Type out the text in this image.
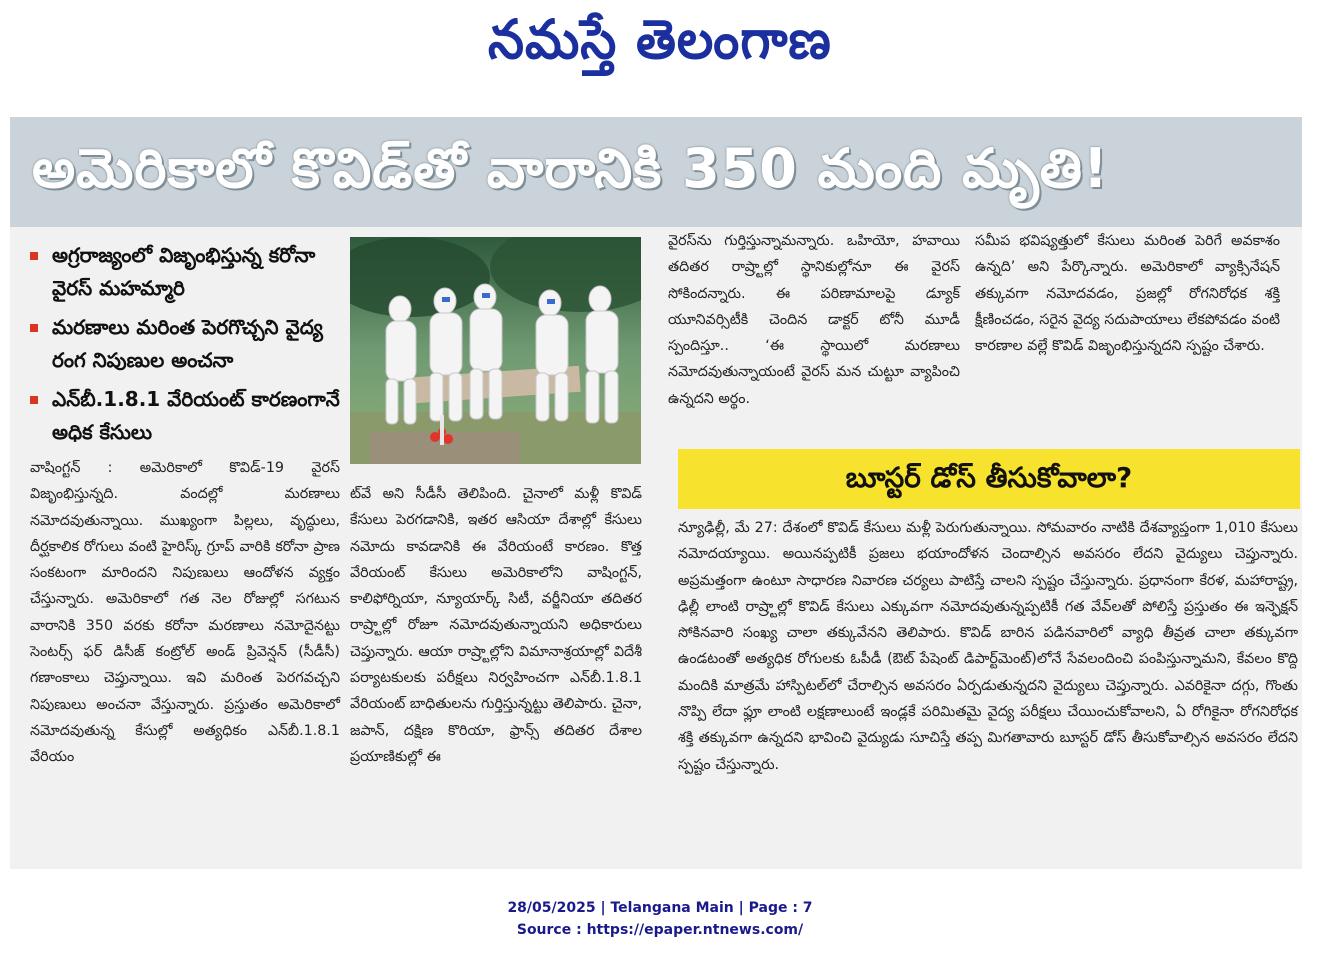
నమస్తే తెలంగాణ
అమెరికాలో కొవిడ్‌తో వారానికి 350 మంది మృతి!
అగ్రరాజ్యంలో విజృంభిస్తున్న కరోనా వైరస్‌ మహమ్మారి
మరణాలు మరింత పెరగొచ్చని వైద్య రంగ నిపుణుల అంచనా
ఎన్‌బీ.1.8.1 వేరియంట్‌ కారణంగానే అధిక కేసులు
వాషింగ్టన్‌ : అమెరికాలో కొవిడ్‌-19 వైరస్‌ విజృంభిస్తున్నది. వందల్లో మరణాలు నమోదవుతున్నాయి. ముఖ్యంగా పిల్లలు, వృద్ధులు, దీర్ఘకాలిక రోగులు వంటి హైరిస్క్‌ గ్రూప్‌ వారికి కరోనా ప్రాణ సంకటంగా మారిందని నిపుణులు ఆందోళన వ్యక్తం చేస్తున్నారు. అమెరికాలో గత నెల రోజుల్లో సగటున వారానికి 350 వరకు కరోనా మరణాలు నమోదైనట్టు సెంటర్స్‌ ఫర్‌ డిసీజ్‌ కంట్రోల్‌ అండ్‌ ప్రివెన్షన్‌ (సీడీసీ) గణాంకాలు చెప్తున్నాయి. ఇవి మరింత పెరగవచ్చని నిపుణులు అంచనా వేస్తున్నారు. ప్రస్తుతం అమెరికాలో నమోదవుతున్న కేసుల్లో అత్యధికం ఎన్‌బీ.1.8.1 వేరియం
ట్‌వే అని సీడీసీ తెలిపింది. చైనాలో మళ్లీ కొవిడ్‌ కేసులు పెరగడానికి, ఇతర ఆసియా దేశాల్లో కేసులు నమోదు కావడానికి ఈ వేరియంటే కారణం. కొత్త వేరియంట్‌ కేసులు అమెరికాలోని వాషింగ్టన్‌, కాలిఫోర్నియా, న్యూయార్క్‌ సిటీ, వర్జీనియా తదితర రాష్ర్టాల్లో రోజూ నమోదవుతున్నాయని అధికారులు చెప్తున్నారు. ఆయా రాష్ర్టాల్లోని విమానాశ్రయాల్లో విదేశీ పర్యాటకులకు పరీక్షలు నిర్వహించగా ఎన్‌బీ.1.8.1 వేరియంట్‌ బాధితులను గుర్తిస్తున్నట్టు తెలిపారు. చైనా, జపాన్‌, దక్షిణ కొరియా, ఫ్రాన్స్‌ తదితర దేశాల ప్రయాణికుల్లో ఈ
వైరస్‌ను గుర్తిస్తున్నామన్నారు. ఒహియో, హవాయి తదితర రాష్ర్టాల్లో స్థానికుల్లోనూ ఈ వైరస్‌ సోకిందన్నారు. ఈ పరిణామాలపై డ్యూక్‌ యూనివర్సిటీకి చెందిన డాక్టర్‌ టోనీ మూడీ స్పందిస్తూ.. ‘ఈ స్థాయిలో మరణాలు నమోదవుతున్నాయంటే వైరస్‌ మన చుట్టూ వ్యాపించి ఉన్నదని అర్థం.
సమీప భవిష్యత్తులో కేసులు మరింత పెరిగే అవకాశం ఉన్నది’ అని పేర్కొన్నారు. అమెరికాలో వ్యాక్సినేషన్‌ తక్కువగా నమోదవడం, ప్రజల్లో రోగనిరోధక శక్తి క్షీణించడం, సరైన వైద్య సదుపాయాలు లేకపోవడం వంటి కారణాల వల్లే కొవిడ్‌ విజృంభిస్తున్నదని స్పష్టం చేశారు.
బూస్టర్‌ డోస్‌ తీసుకోవాలా?
న్యూఢిల్లీ, మే 27: దేశంలో కొవిడ్‌ కేసులు మళ్లీ పెరుగుతున్నాయి. సోమవారం నాటికి దేశవ్యాప్తంగా 1,010 కేసులు నమోదయ్యాయి. అయినప్పటికీ ప్రజలు భయాందోళన చెందాల్సిన అవసరం లేదని వైద్యులు చెప్తున్నారు. అప్రమత్తంగా ఉంటూ సాధారణ నివారణ చర్యలు పాటిస్తే చాలని స్పష్టం చేస్తున్నారు. ప్రధానంగా కేరళ, మహారాష్ట్ర, ఢిల్లీ లాంటి రాష్ర్టాల్లో కొవిడ్‌ కేసులు ఎక్కువగా నమోదవుతున్నప్పటికీ గత వేవ్‌లతో పోలిస్తే ప్రస్తుతం ఈ ఇన్ఫెక్షన్‌ సోకినవారి సంఖ్య చాలా తక్కువేనని తెలిపారు. కొవిడ్‌ బారిన పడినవారిలో వ్యాధి తీవ్రత చాలా తక్కువగా ఉండటంతో అత్యధిక రోగులకు ఓపీడీ (ఔట్‌ పేషెంట్‌ డిపార్ట్‌మెంట్‌)లోనే సేవలందించి పంపిస్తున్నామని, కేవలం కొద్ది మందికి మాత్రమే హాస్పిటల్‌లో చేరాల్సిన అవసరం ఏర్పడుతున్నదని వైద్యులు చెప్తున్నారు. ఎవరికైనా దగ్గు, గొంతు నొప్పి లేదా ఫ్లూ లాంటి లక్షణాలుంటే ఇండ్లకే పరిమితమై వైద్య పరీక్షలు చేయించుకోవాలని, ఏ రోగికైనా రోగనిరోధక శక్తి తక్కువగా ఉన్నదని భావించి వైద్యుడు సూచిస్తే తప్ప మిగతావారు బూస్టర్‌ డోస్‌ తీసుకోవాల్సిన అవసరం లేదని స్పష్టం చేస్తున్నారు.
28/05/2025 | Telangana Main | Page : 7
Source : https://epaper.ntnews.com/
